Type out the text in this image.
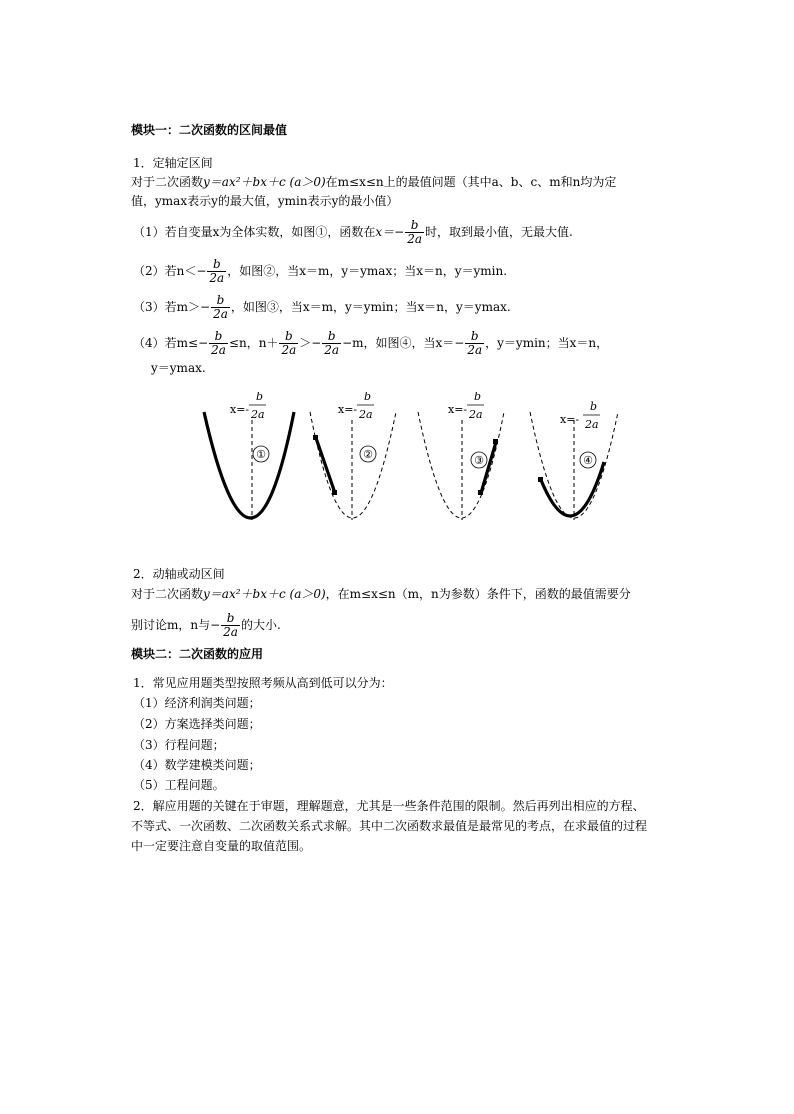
模块一：二次函数的区间最值
1．定轴定区间
对于二次函数y＝ax²＋bx＋c (a＞0)在m≤x≤n上的最值问题（其中a、b、c、m和n均为定
值，ymax表示y的最大值，ymin表示y的最小值）
（1）若自变量x为全体实数，如图①，函数在$x=- \frac{b}{2a}$ 时，取到最小值，无最大值.
（2）若$n<- \frac{b}{2a}$ ，如图②，当x＝m，y＝ymax；当x＝n，y＝ymin.
（3）若$m>- \frac{b}{2a}$ ，如图③，当x＝m，y＝ymin；当x＝n，y＝ymax.
（4）若$m\le- \frac{b}{2a} \le n$，$n+ \frac{b}{2a} >- \frac{b}{2a} -m$，如图④，当$x=- \frac{b}{2a}$ ，y＝ymin；当x＝n，
y＝ymax.
x=-
b
2a
①
x=-
b
2a
②
x=-
b
2a
③
x=-
b
2a
④
2．动轴或动区间
对于二次函数y＝ax²＋bx＋c (a＞0)，在m≤x≤n（m，n为参数）条件下，函数的最值需要分
别讨论m，n与− $\frac{b}{2a}$ 的大小.
模块二：二次函数的应用
1．常见应用题类型按照考频从高到低可以分为：
（1）经济利润类问题；
（2）方案选择类问题；
（3）行程问题；
（4）数学建模类问题；
（5）工程问题。
2．解应用题的关键在于审题，理解题意，尤其是一些条件范围的限制。然后再列出相应的方程、
不等式、一次函数、二次函数关系式求解。其中二次函数求最值是最常见的考点，在求最值的过程
中一定要注意自变量的取值范围。
